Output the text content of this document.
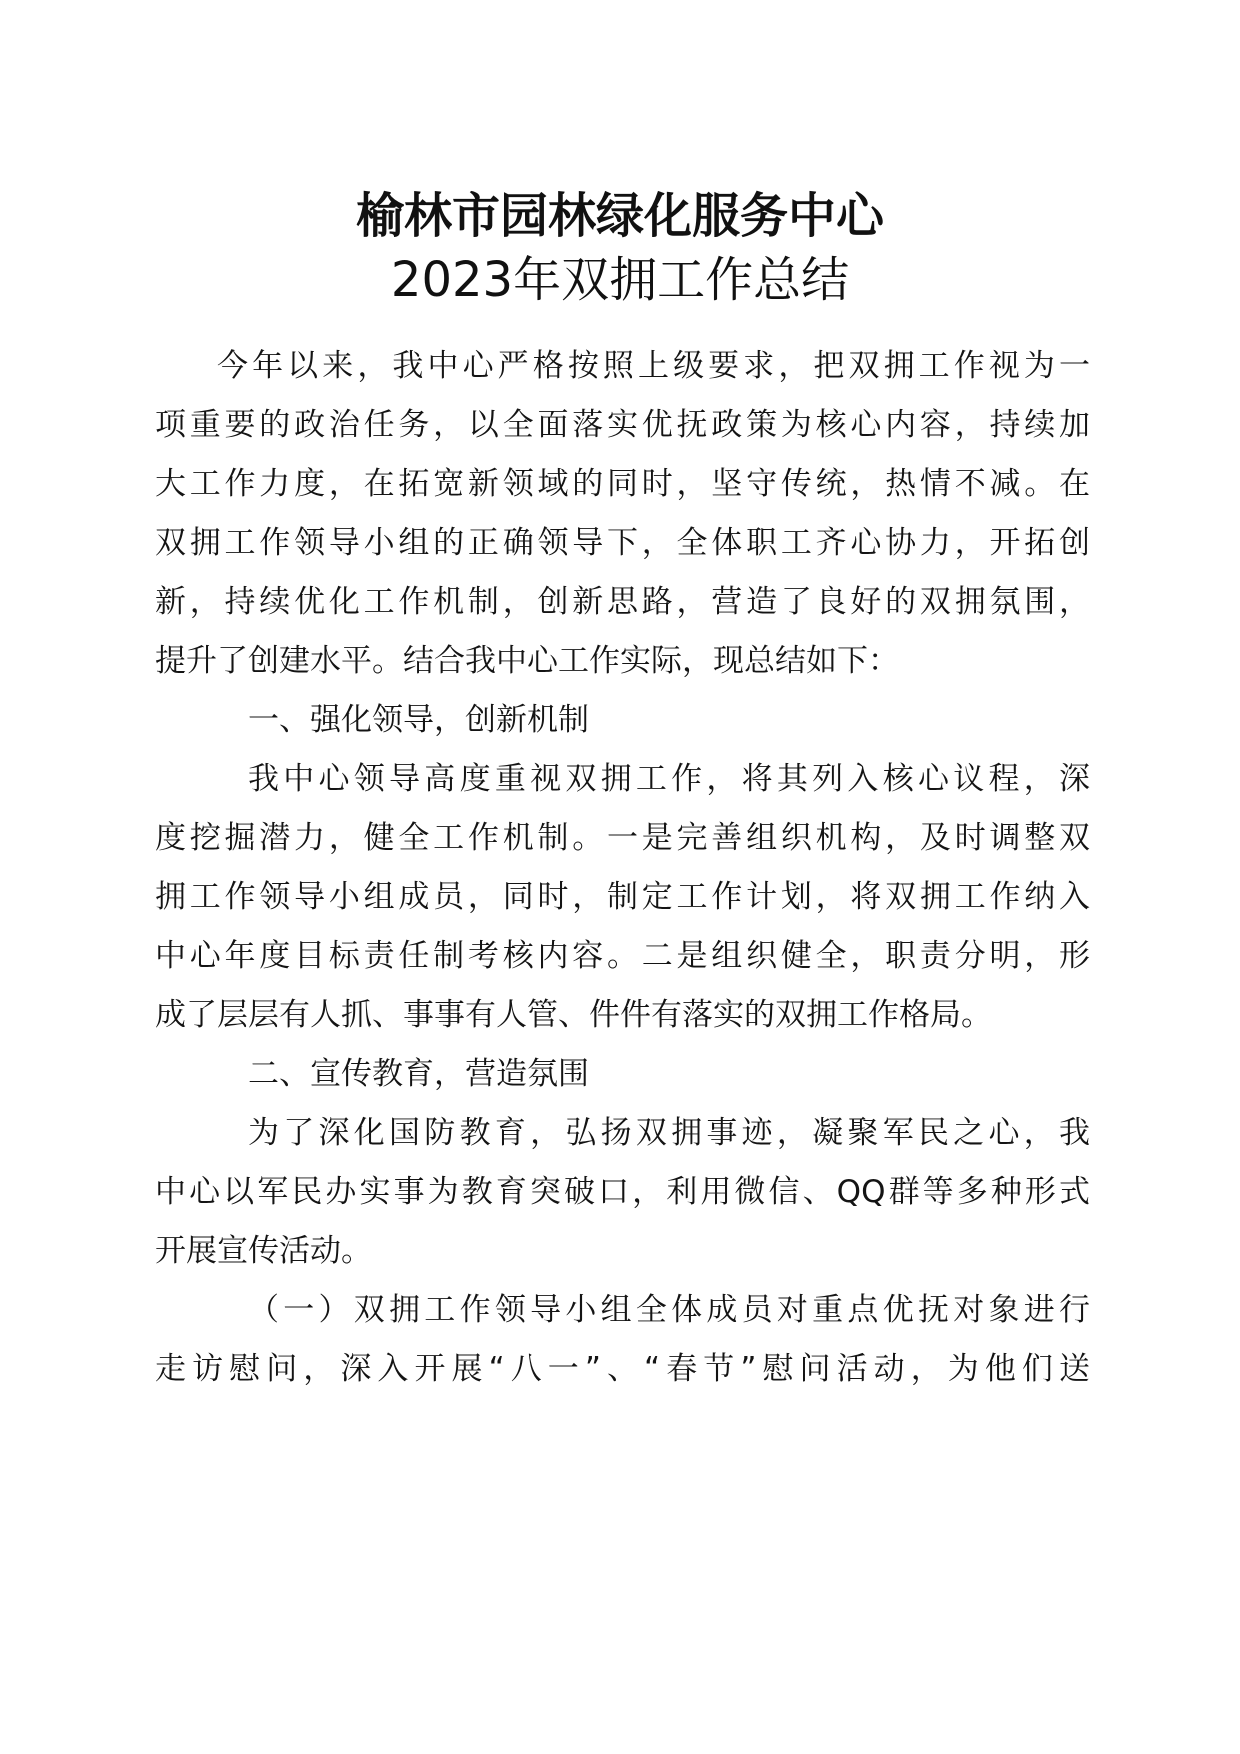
榆林市园林绿化服务中心
2023年双拥工作总结
今年以来，我中心严格按照上级要求，把双拥工作视为一
项重要的政治任务，以全面落实优抚政策为核心内容，持续加
大工作力度，在拓宽新领域的同时，坚守传统，热情不减。在
双拥工作领导小组的正确领导下，全体职工齐心协力，开拓创
新，持续优化工作机制，创新思路，营造了良好的双拥氛围，
提升了创建水平。结合我中心工作实际，现总结如下：
一、强化领导，创新机制
我中心领导高度重视双拥工作，将其列入核心议程，深
度挖掘潜力，健全工作机制。一是完善组织机构，及时调整双
拥工作领导小组成员，同时，制定工作计划，将双拥工作纳入
中心年度目标责任制考核内容。二是组织健全，职责分明，形
成了层层有人抓、事事有人管、件件有落实的双拥工作格局。
二、宣传教育，营造氛围
为了深化国防教育，弘扬双拥事迹，凝聚军民之心，我
中心以军民办实事为教育突破口，利用微信、QQ群等多种形式
开展宣传活动。
（一）双拥工作领导小组全体成员对重点优抚对象进行
走访慰问，深入开展“八一”、“春节”慰问活动，为他们送
